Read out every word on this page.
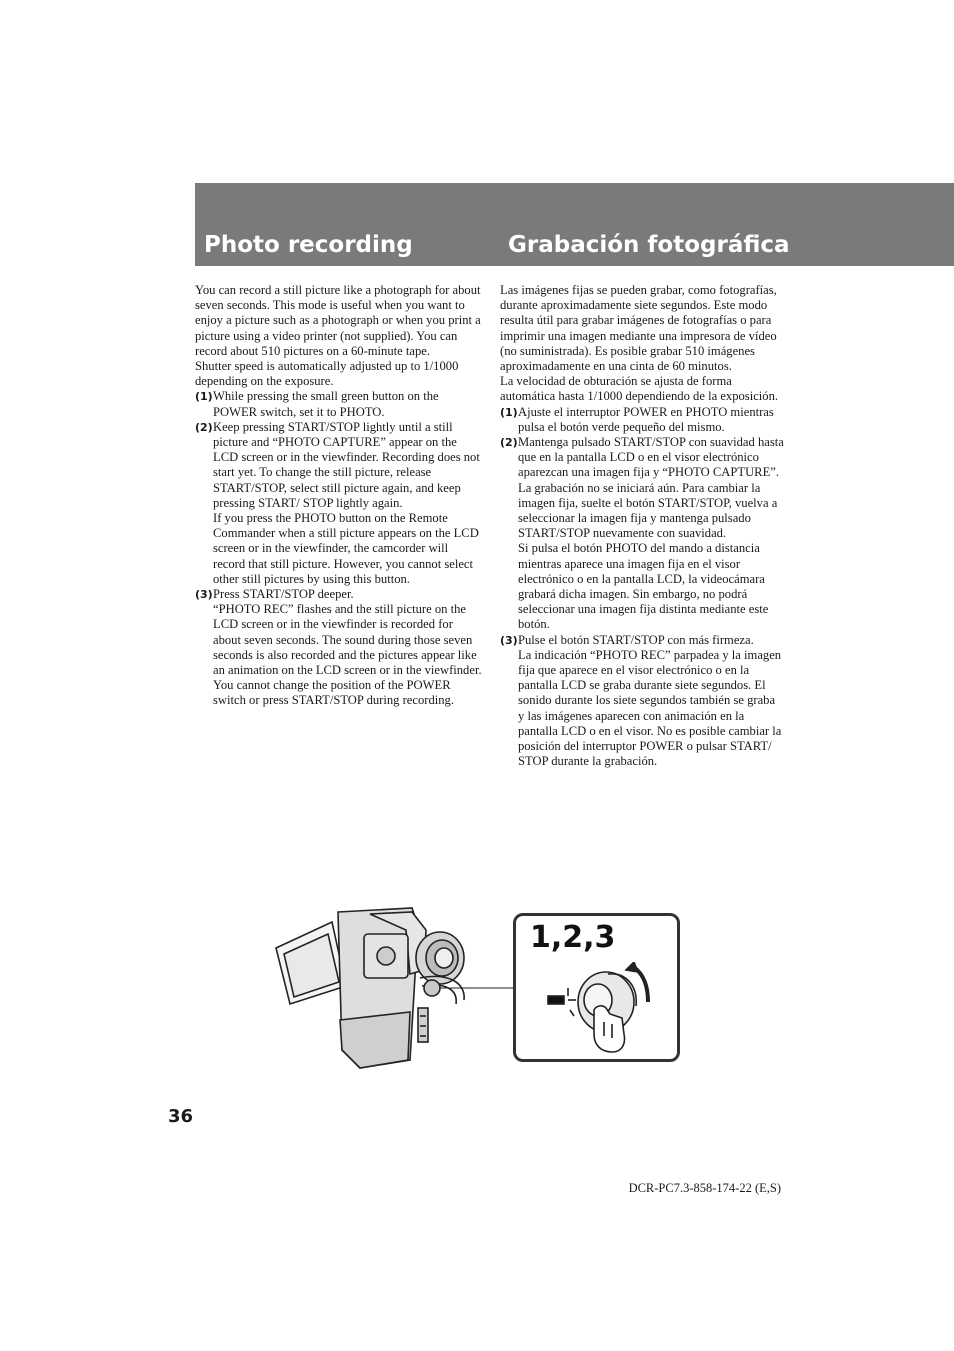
Photo recording	Grabación fotográfica

You can record a still picture like a photograph for about seven seconds. This mode is useful when you want to enjoy a picture such as a photograph or when you print a picture using a video printer (not supplied). You can record about 510 pictures on a 60-minute tape.

Shutter speed is automatically adjusted up to 1/1000 depending on the exposure.

(1) While pressing the small green button on the POWER switch, set it to PHOTO.

(2) Keep pressing START/STOP lightly until a still picture and “PHOTO CAPTURE” appear on the LCD screen or in the viewfinder. Recording does not start yet. To change the still picture, release START/STOP, select still picture again, and keep pressing START/ STOP lightly again.

If you press the PHOTO button on the Remote Commander when a still picture appears on the LCD screen or in the viewfinder, the camcorder will record that still picture. However, you cannot select other still pictures by using this button.

(3) Press START/STOP deeper.

“PHOTO REC” flashes and the still picture on the LCD screen or in the viewfinder is recorded for about seven seconds. The sound during those seven seconds is also recorded and the pictures appear like an animation on the LCD screen or in the viewfinder. You cannot change the position of the POWER switch or press START/STOP during recording.

Las imágenes fijas se pueden grabar, como fotografías, durante aproximadamente siete segundos. Este modo resulta útil para grabar imágenes de fotografías o para imprimir una imagen mediante una impresora de vídeo (no suministrada). Es posible grabar 510 imágenes aproximadamente en una cinta de 60 minutos.

La velocidad de obturación se ajusta de forma automática hasta 1/1000 dependiendo de la exposición.

(1) Ajuste el interruptor POWER en PHOTO mientras pulsa el botón verde pequeño del mismo.

(2) Mantenga pulsado START/STOP con suavidad hasta que en la pantalla LCD o en el visor electrónico aparezcan una imagen fija y “PHOTO CAPTURE”.

La grabación no se iniciará aún. Para cambiar la imagen fija, suelte el botón START/STOP, vuelva a seleccionar la imagen fija y mantenga pulsado START/STOP nuevamente con suavidad.

Si pulsa el botón PHOTO del mando a distancia mientras aparece una imagen fija en el visor electrónico o en la pantalla LCD, la videocámara grabará dicha imagen. Sin embargo, no podrá seleccionar una imagen fija distinta mediante este botón.

(3) Pulse el botón START/STOP con más firmeza.

La indicación “PHOTO REC” parpadea y la imagen fija que aparece en el visor electrónico o en la pantalla LCD se graba durante siete segundos. El sonido durante los siete segundos también se graba y las imágenes aparecen con animación en la pantalla LCD o en el visor. No es posible cambiar la posición del interruptor POWER o pulsar START/ STOP durante la grabación.

1,2,3
36
DCR-PC7.3-858-174-22 (E,S)
